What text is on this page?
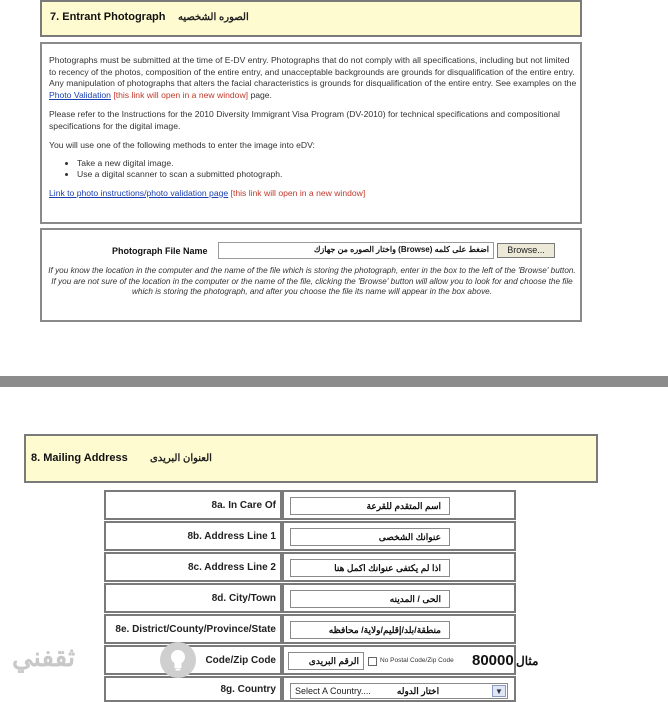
7. Entrant Photograph الصوره الشخصيه

Photographs must be submitted at the time of E-DV entry. Photographs that do not comply with all specifications, including but not limited to recency of the photos, composition of the entire entry, and unacceptable backgrounds are grounds for disqualification of the entire entry. Any manipulation of photographs that alters the facial characteristics is grounds for disqualification of the entire entry. See examples on the Photo Validation [this link will open in a new window] page.

Please refer to the Instructions for the 2010 Diversity Immigrant Visa Program (DV-2010) for technical specifications and compositional specifications for the digital image.

You will use one of the following methods to enter the image into eDV:

• Take a new digital image.
• Use a digital scanner to scan a submitted photograph.

Link to photo instructions/photo validation page [this link will open in a new window]

Photograph File Name	اضغط على كلمه (Browse) واختار الصوره من جهازك	Browse...

If you know the location in the computer and the name of the file which is storing the photograph, enter in the box to the left of the 'Browse' button. If you are not sure of the location in the computer or the name of the file, clicking the 'Browse' button will allow you to look for and choose the file which is storing the photograph, and after you choose the file its name will appear in the box above.

8. Mailing Address العنوان البريدى
8a. In Care Of	اسم المتقدم للقرعة
8b. Address Line 1	عنوانك الشخصى
8c. Address Line 2	اذا لم يكتفى عنوانك اكمل هنا
8d. City/Town	الحى / المدينه
8e. District/County/Province/State	منطقة/بلد/إقليم/ولاية/ محافظه
Code/Zip Code	الرقم البريدى	No Postal Code/Zip Code 80000 مثال
8g. Country Select A Country....	اختار الدوله	▼
ثقفني
